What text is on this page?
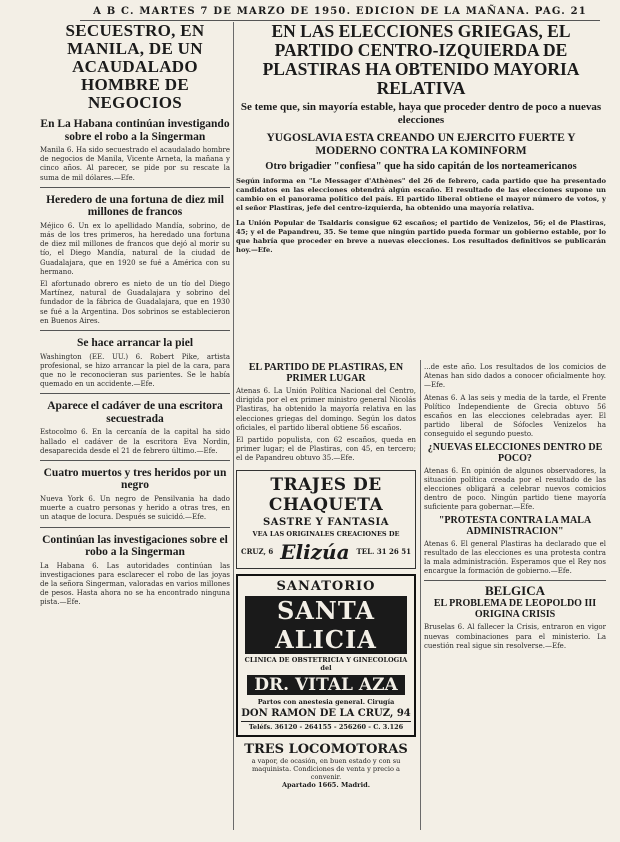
A B C. MARTES 7 DE MARZO DE 1950. EDICION DE LA MAÑANA. PAG. 21
SECUESTRO, EN MANILA, DE UN ACAUDALADO HOMBRE DE NEGOCIOS
En La Habana continúan investigando sobre el robo a la Singerman

Manila 6. Ha sido secuestrado el acaudalado hombre de negocios de Manila, Vicente Arneta, la mañana y cinco años. Al parecer, se pide por su rescate la suma de mil dólares.—Efe.

Heredero de una fortuna de diez mil millones de francos

Méjico 6. Un ex lo apellidado Mandía, sobrino, de más de los tres primeros, ha heredado una fortuna de diez mil millones de francos que dejó al morir su tío, el Diego Mandía, natural de la ciudad de Guadalajara, que en 1920 se fué a América con su hermano.

El afortunado obrero es nieto de un tío del Diego Martínez, natural de Guadalajara y sobrino del fundador de la fábrica de Guadalajara, que en 1930 se fué a la Argentina. Dos sobrinos se establecieron en Buenos Aires.

Se hace arrancar la piel

Washington (EE. UU.) 6. Robert Pike, artista profesional, se hizo arrancar la piel de la cara, para que no le reconocieran sus parientes. Se le había quemado en un accidente.—Efe.

Aparece el cadáver de una escritora secuestrada

Estocolmo 6. En la cercanía de la capital ha sido hallado el cadáver de la escritora Eva Nordin, desaparecida desde el 21 de febrero último.—Efe.

Cuatro muertos y tres heridos por un negro

Nueva York 6. Un negro de Pensilvania ha dado muerte a cuatro personas y herido a otras tres, en un ataque de locura. Después se suicidó.—Efe.

Continúan las investigaciones sobre el robo a la Singerman

La Habana 6. Las autoridades continúan las investigaciones para esclarecer el robo de las joyas de la señora Singerman, valoradas en varios millones de pesos. Hasta ahora no se ha encontrado ninguna pista.—Efe.

EN LAS ELECCIONES GRIEGAS, EL PARTIDO CENTRO-IZQUIERDA DE PLASTIRAS HA OBTENIDO MAYORIA RELATIVA
Se teme que, sin mayoría estable, haya que proceder dentro de poco a nuevas elecciones
YUGOSLAVIA ESTA CREANDO UN EJERCITO FUERTE Y MODERNO CONTRA LA KOMINFORM
Otro brigadier "confiesa" que ha sido capitán de los norteamericanos

Según informa en "Le Messager d'Athènes" del 26 de febrero, cada partido que ha presentado candidatos en las elecciones obtendrá algún escaño. El resultado de las elecciones supone un cambio en el panorama político del país. El partido liberal obtiene el mayor número de votos, y el señor Plastiras, jefe del centro-izquierda, ha obtenido una mayoría relativa.

La Unión Popular de Tsaldaris consigue 62 escaños; el partido de Venizelos, 56; el de Plastiras, 45; y el de Papandreu, 35. Se teme que ningún partido pueda formar un gobierno estable, por lo que habría que proceder en breve a nuevas elecciones. Los resultados definitivos se publicarán hoy.—Efe.

EL PARTIDO DE PLASTIRAS, EN PRIMER LUGAR

Atenas 6. La Unión Política Nacional del Centro, dirigida por el ex primer ministro general Nicolás Plastiras, ha obtenido la mayoría relativa en las elecciones griegas del domingo. Según los datos oficiales, el partido liberal obtiene 56 escaños.

El partido populista, con 62 escaños, queda en primer lugar; el de Plastiras, con 45, en tercero; el de Papandreu obtuvo 35.—Efe.

TRAJES DE CHAQUETA
SASTRE Y FANTASIA
VEA LAS ORIGINALES CREACIONES DE
CRUZ, 6 Elizúa TEL. 31 26 51
SANATORIO
SANTA ALICIA
CLINICA DE OBSTETRICIA Y GINECOLOGIA
del
DR. VITAL AZA
Partos con anestesia general. Cirugía
DON RAMON DE LA CRUZ, 94
Teléfs. 36120 - 264155 - 256260 - C. 3.126
TRES LOCOMOTORAS
a vapor, de ocasión, en buen estado y con su maquinista. Condiciones de venta y precio a convenir.
Apartado 1665. Madrid.

...de este año. Los resultados de los comicios de Atenas han sido dados a conocer oficialmente hoy.—Efe.

Atenas 6. A las seis y media de la tarde, el Frente Político Independiente de Grecia obtuvo 56 escaños en las elecciones celebradas ayer. El partido liberal de Sófocles Venizelos ha conseguido el segundo puesto.

¿NUEVAS ELECCIONES DENTRO DE POCO?

Atenas 6. En opinión de algunos observadores, la situación política creada por el resultado de las elecciones obligará a celebrar nuevos comicios dentro de poco. Ningún partido tiene mayoría suficiente para gobernar.—Efe.

"PROTESTA CONTRA LA MALA ADMINISTRACION"

Atenas 6. El general Plastiras ha declarado que el resultado de las elecciones es una protesta contra la mala administración. Esperamos que el Rey nos encargue la formación de gobierno.—Efe.

BELGICA
EL PROBLEMA DE LEOPOLDO III ORIGINA CRISIS

Bruselas 6. Al fallecer la Crisis, entraron en vigor nuevas combinaciones para el ministerio. La cuestión real sigue sin resolverse.—Efe.
